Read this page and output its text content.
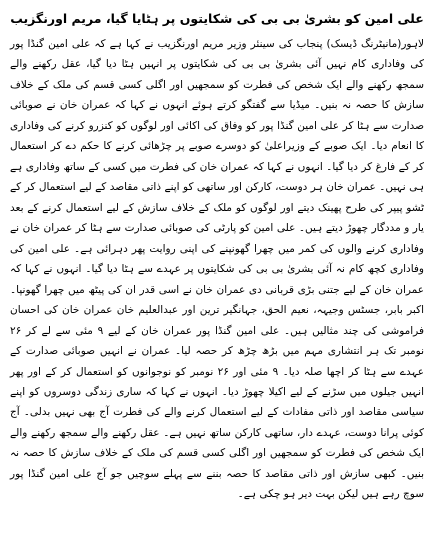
علی امین کو بشریٰ بی بی کی شکایتوں پر ہٹایا گیا، مریم اورنگزیب

لاہور(مانیٹرنگ ڈیسک) پنجاب کی سینئر وزیر مریم اورنگزیب نے کہا ہے کہ علی امین گنڈا پور کی وفاداری کام نہیں آئی بشریٰ بی بی کی شکایتوں پر انہیں ہٹا دیا گیا، عقل رکھنے والے سمجھ رکھنے والے ایک شخص کی فطرت کو سمجھیں اور اگلی کسی قسم کی ملک کے خلاف سازش کا حصہ نہ بنیں۔ میڈیا سے گفتگو کرتے ہوئے انہوں نے کہا کہ عمران خان نے صوبائی صدارت سے ہٹا کر علی امین گنڈا پور کو وفاق کی اکائی اور لوگوں کو کنزرو کرنے کی وفاداری کا انعام دیا۔ ایک صوبے کے وزیراعلیٰ کو دوسرے صوبے پر چڑھائی کرنے کا حکم دے کر استعمال کر کے فارغ کر دیا گیا۔ انہوں نے کہا کہ عمران خان کی فطرت میں کسی کے ساتھ وفاداری ہے ہی نہیں۔ عمران خان ہر دوست، کارکن اور ساتھی کو اپنے ذاتی مقاصد کے لیے استعمال کر کے ٹشو پیپر کی طرح پھینک دیتے اور لوگوں کو ملک کے خلاف سازش کے لیے استعمال کرنے کے بعد یار و مددگار چھوڑ دیتے ہیں۔ علی امین کو پارٹی کی صوبائی صدارت سے ہٹا کر عمران خان نے وفاداری کرنے والوں کی کمر میں چھرا گھونپنے کی اپنی روایت پھر دہرائی ہے۔ علی امین کی وفاداری کچھ کام نہ آئی بشریٰ بی بی کی شکایتوں پر عہدے سے ہٹا دیا گیا۔ انہوں نے کہا کہ عمران خان کے لیے جتنی بڑی قربانی دی عمران خان نے اسی قدر ان کی پیٹھ میں چھرا گھونپا۔ اکبر بابر، جسٹس وجیہہ، نعیم الحق، جہانگیر ترین اور عبدالعلیم خان عمران خان کی احسان فراموشی کی چند مثالیں ہیں۔ علی امین گنڈا پور عمران خان کے لیے ۹ مئی سے لے کر ۲۶ نومبر تک ہر انتشاری مہم میں بڑھ چڑھ کر حصہ لیا۔ عمران نے انہیں صوبائی صدارت کے عہدے سے ہٹا کر اچھا صلہ دیا۔ ۹ مئی اور ۲۶ نومبر کو نوجوانوں کو استعمال کر کے اور پھر انہیں جیلوں میں سڑنے کے لیے اکیلا چھوڑ دیا۔ انہوں نے کہا کہ ساری زندگی دوسروں کو اپنے سیاسی مقاصد اور ذاتی مفادات کے لیے استعمال کرنے والے کی فطرت آج بھی نہیں بدلی۔ آج کوئی پرانا دوست، عہدے دار، ساتھی کارکن ساتھ نہیں ہے۔ عقل رکھنے والے سمجھ رکھنے والے ایک شخص کی فطرت کو سمجھیں اور اگلی کسی قسم کی ملک کے خلاف سازش کا حصہ نہ بنیں۔ کبھی سازش اور ذاتی مقاصد کا حصہ بننے سے پہلے سوچیں جو آج علی امین گنڈا پور سوچ رہے ہیں لیکن بہت دیر ہو چکی ہے۔
